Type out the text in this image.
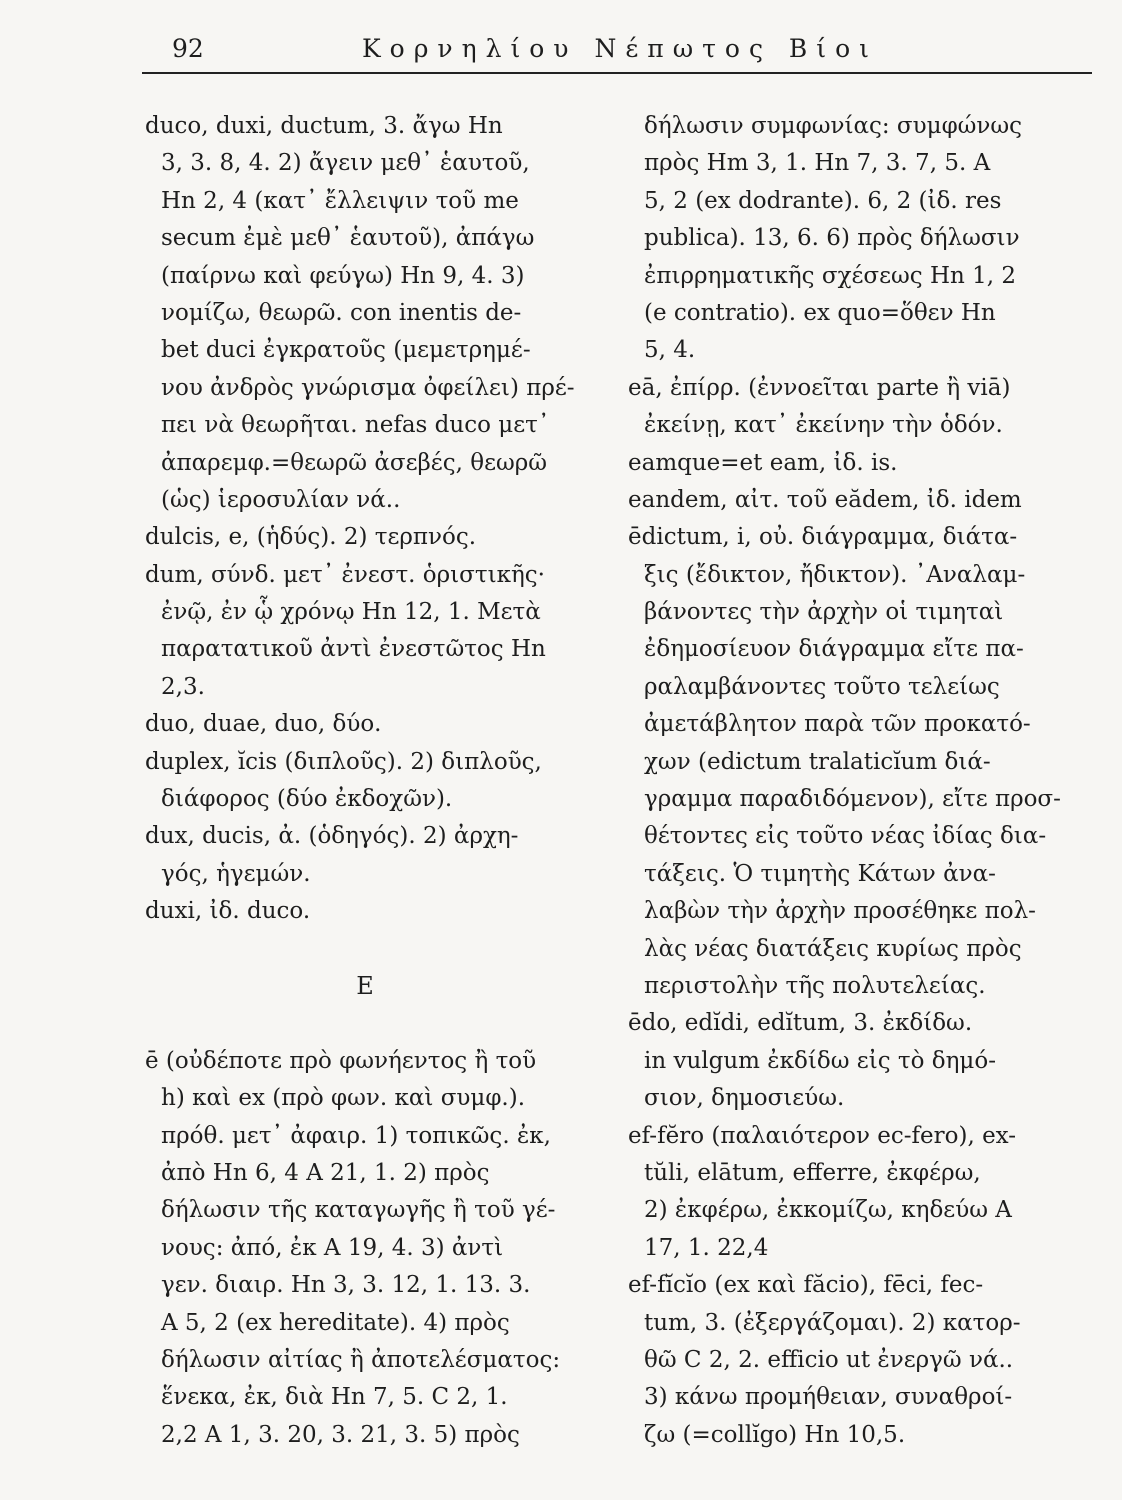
92	Κορνηλίου Νέπωτος Βίοι
duco, duxi, ductum, 3. ἄγω Hn
3, 3. 8, 4. 2) ἄγειν μεθ᾽ ἑαυτοῦ,
Hn 2, 4 (κατ᾽ ἔλλειψιν τοῦ me
secum ἐμὲ μεθ᾽ ἑαυτοῦ), ἀπάγω
(παίρνω καὶ φεύγω) Hn 9, 4. 3)
νομίζω, θεωρῶ. con inentis de-
bet duci ἐγκρατοῦς (μεμετρημέ-
νου ἀνδρὸς γνώρισμα ὀφείλει) πρέ-
πει νὰ θεωρῆται. nefas duco μετ᾽
ἀπαρεμφ.=θεωρῶ ἀσεβές, θεωρῶ
(ὡς) ἱεροσυλίαν νά..
dulcis, e, (ἡδύς). 2) τερπνός.
dum, σύνδ. μετ᾽ ἐνεστ. ὁριστικῆς·
ἐνῷ, ἐν ᾧ χρόνῳ Hn 12, 1. Μετὰ
παρατατικοῦ ἀντὶ ἐνεστῶτος Hn
2,3.
duo, duae, duo, δύο.
duplex, ĭcis (διπλοῦς). 2) διπλοῦς,
διάφορος (δύο ἐκδοχῶν).
dux, ducis, ἀ. (ὁδηγός). 2) ἀρχη-
γός, ἡγεμών.
duxi, ἰδ. duco.
E
ē (οὐδέποτε πρὸ φωνήεντος ἢ τοῦ
h) καὶ ex (πρὸ φων. καὶ συμφ.).
πρόθ. μετ᾽ ἀφαιρ. 1) τοπικῶς. ἐκ,
ἀπὸ Hn 6, 4 A 21, 1. 2) πρὸς
δήλωσιν τῆς καταγωγῆς ἢ τοῦ γέ-
νους: ἀπό, ἐκ A 19, 4. 3) ἀντὶ
γεν. διαιρ. Hn 3, 3. 12, 1. 13. 3.
A 5, 2 (ex hereditate). 4) πρὸς
δήλωσιν αἰτίας ἢ ἀποτελέσματος:
ἕνεκα, ἐκ, διὰ Hn 7, 5. C 2, 1.
2,2 A 1, 3. 20, 3. 21, 3. 5) πρὸς
δήλωσιν συμφωνίας: συμφώνως
πρὸς Hm 3, 1. Hn 7, 3. 7, 5. A
5, 2 (ex dodrante). 6, 2 (ἰδ. res
publica). 13, 6. 6) πρὸς δήλωσιν
ἐπιρρηματικῆς σχέσεως Hn 1, 2
(e contratio). ex quo=ὅθεν Hn
5, 4.
eā, ἐπίρρ. (ἐννοεῖται parte ἢ viā)
ἐκείνῃ, κατ᾽ ἐκείνην τὴν ὁδόν.
eamque=et eam, ἰδ. is.
eandem, αἰτ. τοῦ eădem, ἰδ. idem
ēdictum, i, οὐ. διάγραμμα, διάτα-
ξις (ἔδικτον, ἤδικτον). ᾿Αναλαμ-
βάνοντες τὴν ἀρχὴν οἱ τιμηταὶ
ἐδημοσίευον διάγραμμα εἴτε πα-
ραλαμβάνοντες τοῦτο τελείως
ἀμετάβλητον παρὰ τῶν προκατό-
χων (edictum tralaticĭum διά-
γραμμα παραδιδόμενον), εἴτε προσ-
θέτοντες εἰς τοῦτο νέας ἰδίας δια-
τάξεις. Ὁ τιμητὴς Κάτων ἀνα-
λαβὼν τὴν ἀρχὴν προσέθηκε πολ-
λὰς νέας διατάξεις κυρίως πρὸς
περιστολὴν τῆς πολυτελείας.
ēdo, edĭdi, edĭtum, 3. ἐκδίδω.
in vulgum ἐκδίδω εἰς τὸ δημό-
σιον, δημοσιεύω.
ef-fĕro (παλαιότερον ec-fero), ex-
tŭli, elātum, efferre, ἐκφέρω,
2) ἐκφέρω, ἐκκομίζω, κηδεύω A
17, 1. 22,4
ef-fĭcĭo (ex καὶ făcio), fēci, fec-
tum, 3. (ἐξεργάζομαι). 2) κατορ-
θῶ C 2, 2. efficio ut ἐνεργῶ νά..
3) κάνω προμήθειαν, συναθροί-
ζω (=collĭgo) Hn 10,5.
